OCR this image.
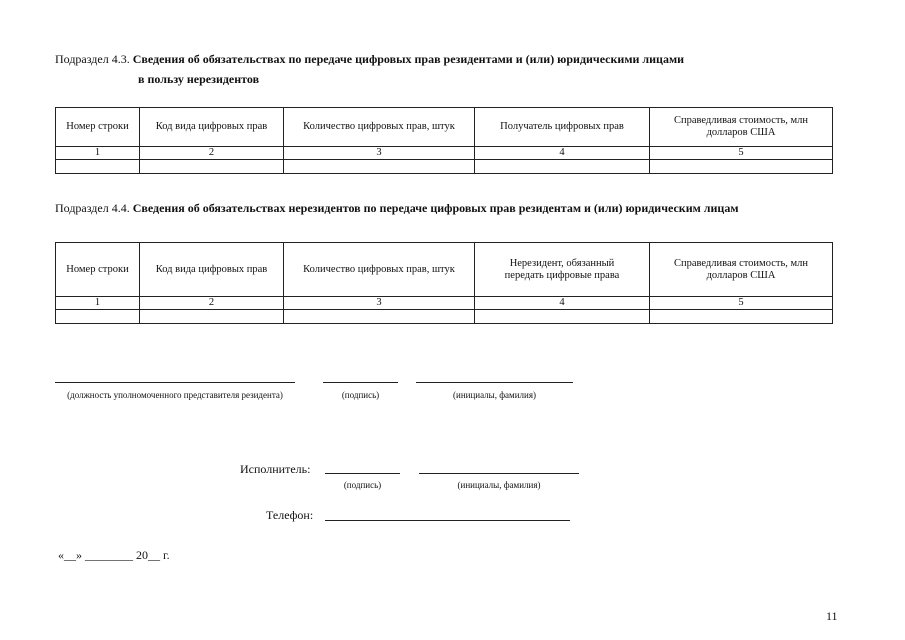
Подраздел 4.3. Сведения об обязательствах по передаче цифровых прав резидентами и (или) юридическими лицами
в пользу нерезидентов
Номер строки	Код вида цифровых прав	Количество цифровых прав, штук	Получатель цифровых прав	Справедливая стоимость, млн долларов США
1	2	3	4	5

Подраздел 4.4. Сведения об обязательствах нерезидентов по передаче цифровых прав резидентам и (или) юридическим лицам
Номер строки	Код вида цифровых прав	Количество цифровых прав, штук	Нерезидент, обязанный передать цифровые права	Справедливая стоимость, млн долларов США
1	2	3	4	5

(должность уполномоченного представителя резидента)	(подпись)	(инициалы, фамилия)
Исполнитель:
(подпись)	(инициалы, фамилия)
Телефон:
«__» ________ 20__ г.
11
